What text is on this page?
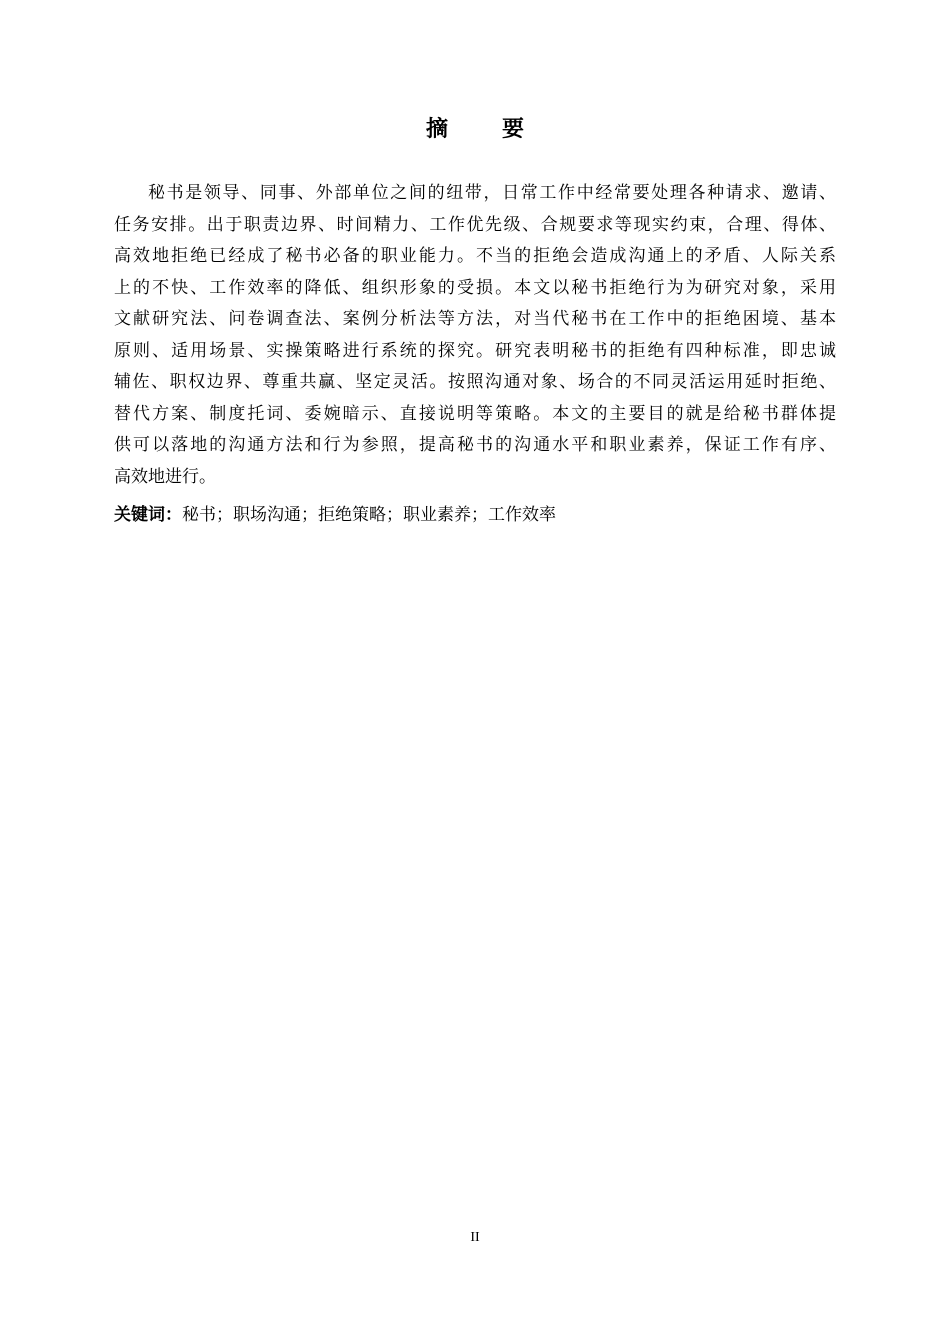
摘 要
秘书是领导、同事、外部单位之间的纽带，日常工作中经常要处理各种请求、邀请、
任务安排。出于职责边界、时间精力、工作优先级、合规要求等现实约束，合理、得体、
高效地拒绝已经成了秘书必备的职业能力。不当的拒绝会造成沟通上的矛盾、人际关系
上的不快、工作效率的降低、组织形象的受损。本文以秘书拒绝行为为研究对象，采用
文献研究法、问卷调查法、案例分析法等方法，对当代秘书在工作中的拒绝困境、基本
原则、适用场景、实操策略进行系统的探究。研究表明秘书的拒绝有四种标准，即忠诚
辅佐、职权边界、尊重共赢、坚定灵活。按照沟通对象、场合的不同灵活运用延时拒绝、
替代方案、制度托词、委婉暗示、直接说明等策略。本文的主要目的就是给秘书群体提
供可以落地的沟通方法和行为参照，提高秘书的沟通水平和职业素养，保证工作有序、
高效地进行。
关键词：秘书；职场沟通；拒绝策略；职业素养；工作效率
II
